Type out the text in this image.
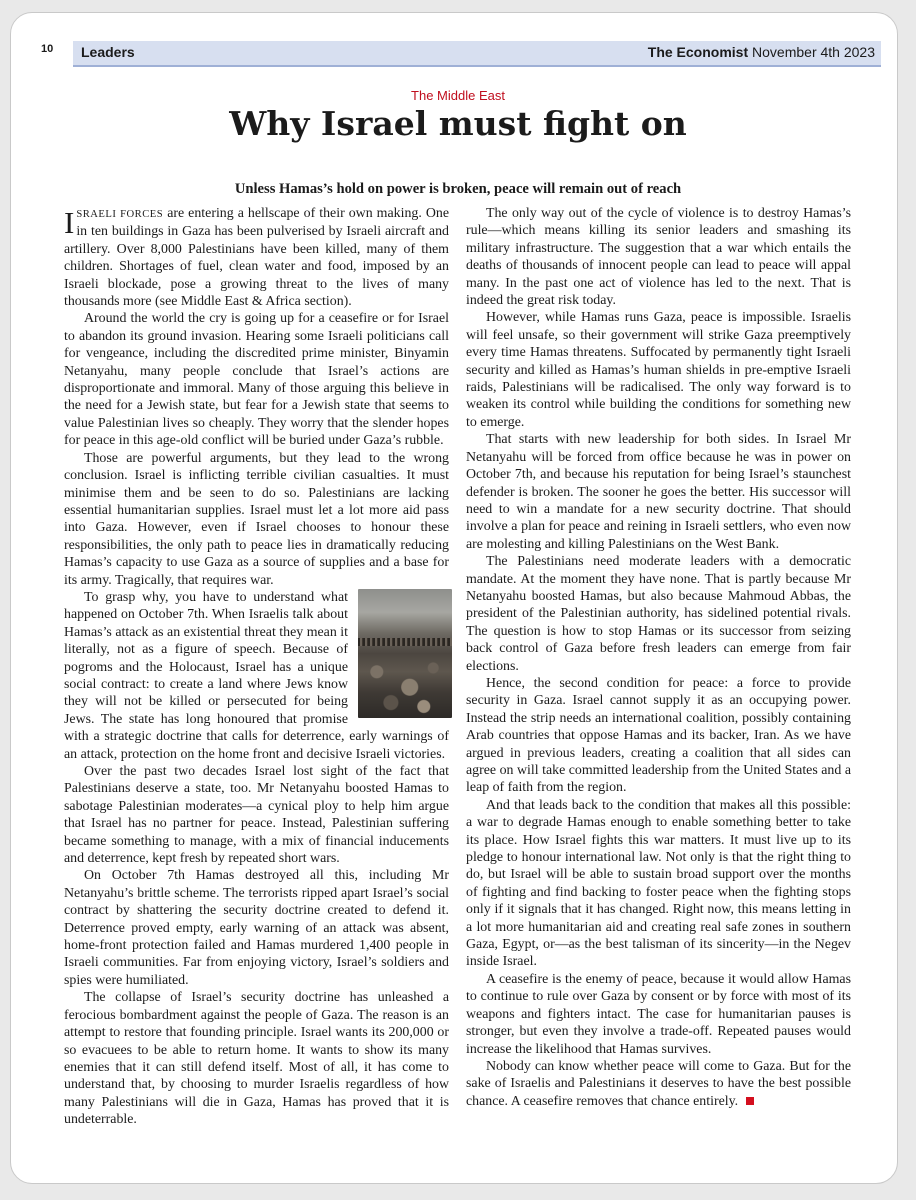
10 Leaders	The Economist November 4th 2023
The Middle East
Why Israel must fight on
Unless Hamas’s hold on power is broken, peace will remain out of reach

ISRAELI FORCES are entering a hellscape of their own making. One in ten buildings in Gaza has been pulverised by Israeli aircraft and artillery. Over 8,000 Palestinians have been killed, many of them children. Shortages of fuel, clean water and food, imposed by an Israeli blockade, pose a growing threat to the lives of many thousands more (see Middle East & Africa section).

Around the world the cry is going up for a ceasefire or for Israel to abandon its ground invasion. Hearing some Israeli politicians call for vengeance, including the discredited prime minister, Binyamin Netanyahu, many people conclude that Israel’s actions are disproportionate and immoral. Many of those arguing this believe in the need for a Jewish state, but fear for a Jewish state that seems to value Palestinian lives so cheaply. They worry that the slender hopes for peace in this age-old conflict will be buried under Gaza’s rubble.

Those are powerful arguments, but they lead to the wrong conclusion. Israel is inflicting terrible civilian casualties. It must minimise them and be seen to do so. Palestinians are lacking essential humanitarian supplies. Israel must let a lot more aid pass into Gaza. However, even if Israel chooses to honour these responsibilities, the only path to peace lies in dramatically reducing Hamas’s capacity to use Gaza as a source of supplies and a base for its army. Tragically, that requires war.

To grasp why, you have to understand what happened on October 7th. When Israelis talk about Hamas’s attack as an existential threat they mean it literally, not as a figure of speech. Because of pogroms and the Holocaust, Israel has a unique social contract: to create a land where Jews know they will not be killed or persecuted for being Jews. The state has long honoured that promise with a strategic doctrine that calls for deterrence, early warnings of an attack, protection on the home front and decisive Israeli victories.

Over the past two decades Israel lost sight of the fact that Palestinians deserve a state, too. Mr Netanyahu boosted Hamas to sabotage Palestinian moderates—a cynical ploy to help him argue that Israel has no partner for peace. Instead, Palestinian suffering became something to manage, with a mix of financial inducements and deterrence, kept fresh by repeated short wars.

On October 7th Hamas destroyed all this, including Mr Netanyahu’s brittle scheme. The terrorists ripped apart Israel’s social contract by shattering the security doctrine created to defend it. Deterrence proved empty, early warning of an attack was absent, home-front protection failed and Hamas murdered 1,400 people in Israeli communities. Far from enjoying victory, Israel’s soldiers and spies were humiliated.

The collapse of Israel’s security doctrine has unleashed a ferocious bombardment against the people of Gaza. The reason is an attempt to restore that founding principle. Israel wants its 200,000 or so evacuees to be able to return home. It wants to show its many enemies that it can still defend itself. Most of all, it has come to understand that, by choosing to murder Israelis regardless of how many Palestinians will die in Gaza, Hamas has proved that it is undeterrable.

The only way out of the cycle of violence is to destroy Hamas’s rule—which means killing its senior leaders and smashing its military infrastructure. The suggestion that a war which entails the deaths of thousands of innocent people can lead to peace will appal many. In the past one act of violence has led to the next. That is indeed the great risk today.

However, while Hamas runs Gaza, peace is impossible. Israelis will feel unsafe, so their government will strike Gaza preemptively every time Hamas threatens. Suffocated by permanently tight Israeli security and killed as Hamas’s human shields in pre-emptive Israeli raids, Palestinians will be radicalised. The only way forward is to weaken its control while building the conditions for something new to emerge.

That starts with new leadership for both sides. In Israel Mr Netanyahu will be forced from office because he was in power on October 7th, and because his reputation for being Israel’s staunchest defender is broken. The sooner he goes the better. His successor will need to win a mandate for a new security doctrine. That should involve a plan for peace and reining in Israeli settlers, who even now are molesting and killing Palestinians on the West Bank.

The Palestinians need moderate leaders with a democratic mandate. At the moment they have none. That is partly because Mr Netanyahu boosted Hamas, but also because Mahmoud Abbas, the president of the Palestinian authority, has sidelined potential rivals. The question is how to stop Hamas or its successor from seizing back control of Gaza before fresh leaders can emerge from fair elections.

Hence, the second condition for peace: a force to provide security in Gaza. Israel cannot supply it as an occupying power. Instead the strip needs an international coalition, possibly containing Arab countries that oppose Hamas and its backer, Iran. As we have argued in previous leaders, creating a coalition that all sides can agree on will take committed leadership from the United States and a leap of faith from the region.

And that leads back to the condition that makes all this possible: a war to degrade Hamas enough to enable something better to take its place. How Israel fights this war matters. It must live up to its pledge to honour international law. Not only is that the right thing to do, but Israel will be able to sustain broad support over the months of fighting and find backing to foster peace when the fighting stops only if it signals that it has changed. Right now, this means letting in a lot more humanitarian aid and creating real safe zones in southern Gaza, Egypt, or—as the best talisman of its sincerity—in the Negev inside Israel.

A ceasefire is the enemy of peace, because it would allow Hamas to continue to rule over Gaza by consent or by force with most of its weapons and fighters intact. The case for humanitarian pauses is stronger, but even they involve a trade-off. Repeated pauses would increase the likelihood that Hamas survives.

Nobody can know whether peace will come to Gaza. But for the sake of Israelis and Palestinians it deserves to have the best possible chance. A ceasefire removes that chance entirely.
